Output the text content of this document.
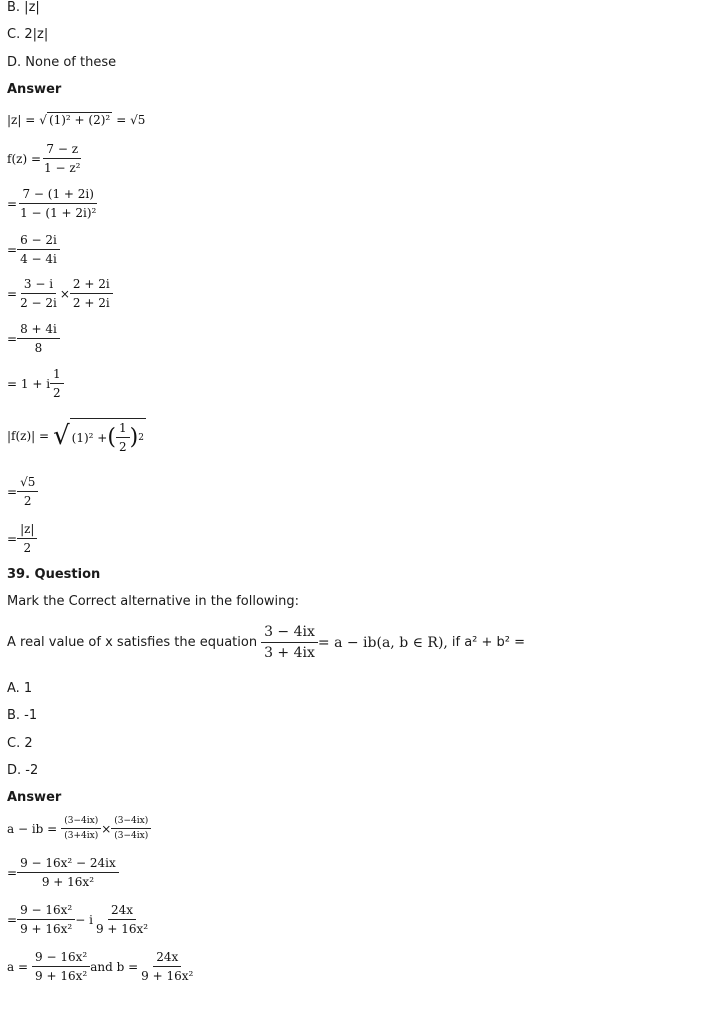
B. |z|
C. 2|z|
D. None of these
Answer
|z| = √ (1)² + (2)² = √5
$f(z) = \frac{7 - z}{\text{1 − z²}}$
= $\frac{7 - (1 + 2i)}{\text{1 − (1 + 2i)²}}$
= $\frac{6 - 2i}{4 - 4i}$
= $\frac{3 - i}{2 - 2i} \times \frac{2 + 2i}{2 + 2i}$
= $\frac{8 + 4i}{8}$
= 1 + i $\frac{1}{2}$
|f(z)| = √ (1)² + ( $\frac{1}{2}$ ) 2
= $\frac{√5}{2}$
= $\frac{|z|}{2}$
39. Question
Mark the Correct alternative in the following:
A real value of x satisfies the equation $\frac{3 - 4ix}{3 + 4ix} = a - ib(a$, b ∈ R), if a² + b² =
A. 1
B. -1
C. 2
D. -2
Answer
a − ib = $\frac{(3-4ix)}{(3+4ix)} \times \frac{(3-4ix)}{(3-4ix)}$
= $\frac{\text{9 − 16x² − 24ix}}{\text{9 + 16x²}}$
= $\frac{\text{9 − 16x²}}{\text{9 + 16x²}} - i \frac{24x}{\text{9 + 16x²}}$
$a = \frac{\text{9 − 16x²}}{\text{9 + 16x²}}$ and $b = \frac{24x}{\text{9 + 16x²}}$
